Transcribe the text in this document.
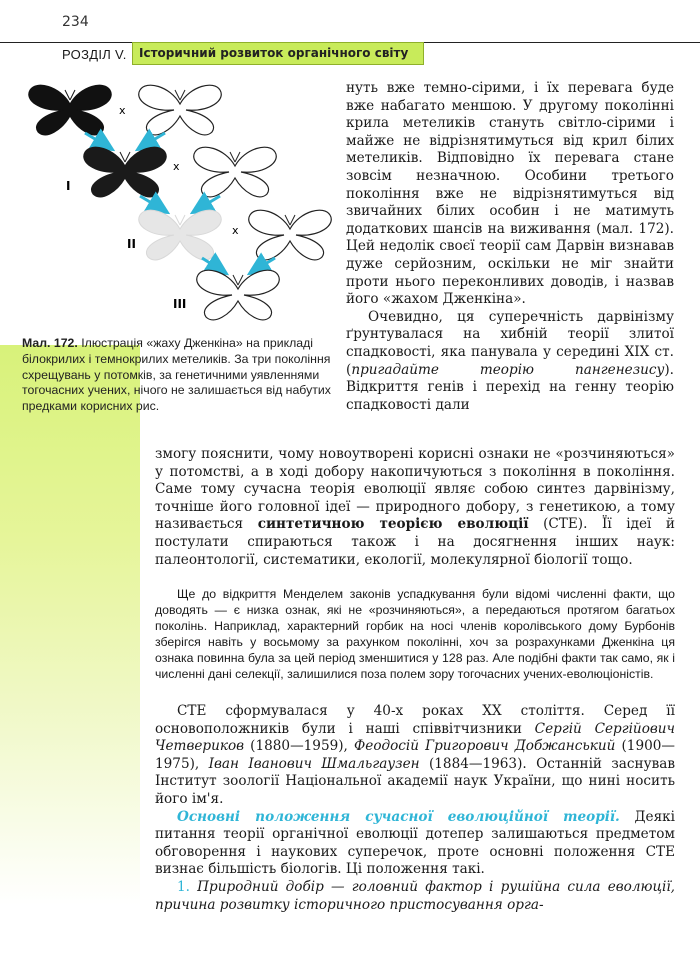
234
РОЗДІЛ V.	Історичний розвиток органічного світу
x
I
x
II
x
III
Мал. 172. Ілюстрація «жаху Дженкіна» на прикладі білокрилих і темнокрилих метеликів. За три покоління схрещувань у потомків, за генетичними уявленнями тогочасних учених, нічого не залишається від набутих предками корисних рис.

нуть вже темно-сірими, і їх перевага буде вже набагато меншою. У другому поколінні крила метеликів стануть світло-сірими і майже не відрізнятимуться від крил білих метеликів. Відповідно їх перевага стане зовсім незначною. Особини третього покоління вже не відрізнятимуться від звичайних білих особин і не матимуть додаткових шансів на виживання (мал. 172). Цей недолік своєї теорії сам Дарвін визнавав дуже серйозним, оскільки не міг знайти проти нього переконливих доводів, і назвав його «жахом Дженкіна».

Очевидно, ця суперечність дарвінізму ґрунтувалася на хибній теорії злитої спадковості, яка панувала у середині XIX ст. (пригадайте теорію пангенезису). Відкриття генів і перехід на генну теорію спадковості дали

змогу пояснити, чому новоутворені корисні ознаки не «розчиняються» у потомстві, а в ході добору накопичуються з покоління в покоління. Саме тому сучасна теорія еволюції являє собою синтез дарвінізму, точніше його головної ідеї — природного добору, з генетикою, а тому називається синтетичною теорією еволюції (СТЕ). Її ідеї й постулати спираються також і на досягнення інших наук: палеонтології, систематики, екології, молекулярної біології тощо.

Ще до відкриття Менделем законів успадкування були відомі численні факти, що доводять — є низка ознак, які не «розчиняються», а передаються протягом багатьох поколінь. Наприклад, характерний горбик на носі членів королівського дому Бурбонів зберігся навіть у восьмому за рахунком поколінні, хоч за розрахунками Дженкіна ця ознака повинна була за цей період зменшитися у 128 раз. Але подібні факти так само, як і численні дані селекції, залишилися поза полем зору тогочасних учених-еволюціоністів.

СТЕ сформувалася у 40-х роках XX століття. Серед її основоположників були і наші співвітчизники Сергій Сергійович Четвериков (1880—1959), Феодосій Григорович Добжанський (1900—1975), Іван Іванович Шмальгаузен (1884—1963). Останній заснував Інститут зоології Національної академії наук України, що нині носить його ім'я.

Основні положення сучасної еволюційної теорії. Деякі питання теорії органічної еволюції дотепер залишаються предметом обговорення і наукових суперечок, проте основні положення СТЕ визнає більшість біологів. Ці положення такі.

1. Природний добір — головний фактор і рушійна сила еволюції, причина розвитку історичного пристосування орга-
